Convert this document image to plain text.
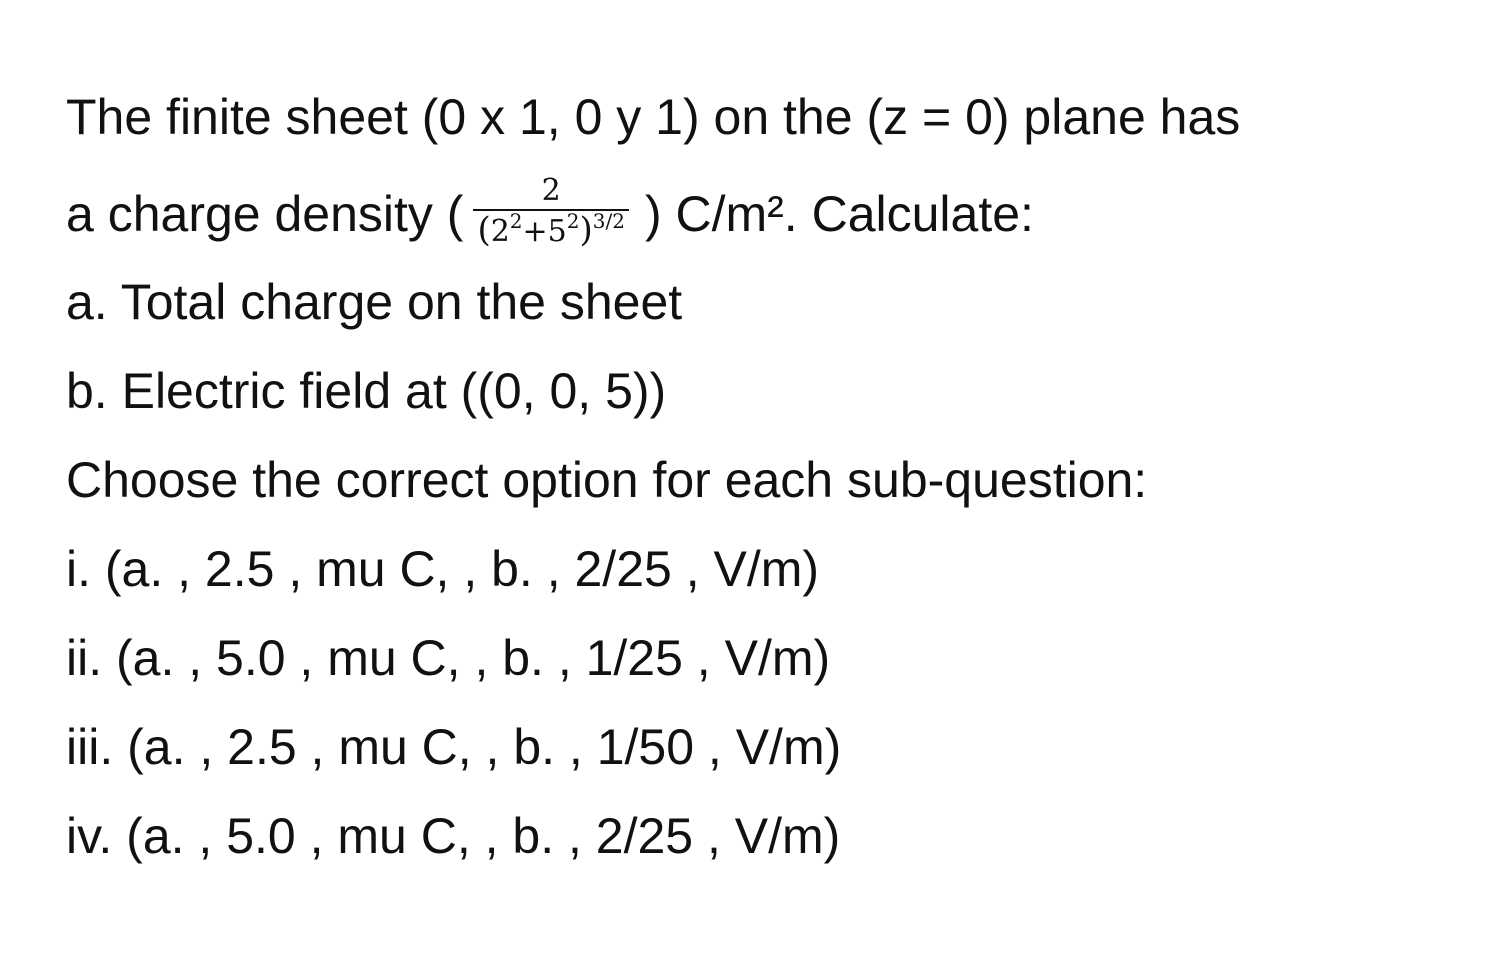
The finite sheet (0 x 1, 0 y 1) on the (z = 0) plane has
a charge density ( $\frac{2}{(2^2+5^2)^{3/2}}$ ) C/m². Calculate:
a. Total charge on the sheet
b. Electric field at ((0, 0, 5))
Choose the correct option for each sub-question:
i. (a. , 2.5 , mu C, , b. , 2/25 , V/m)
ii. (a. , 5.0 , mu C, , b. , 1/25 , V/m)
iii. (a. , 2.5 , mu C, , b. , 1/50 , V/m)
iv. (a. , 5.0 , mu C, , b. , 2/25 , V/m)
